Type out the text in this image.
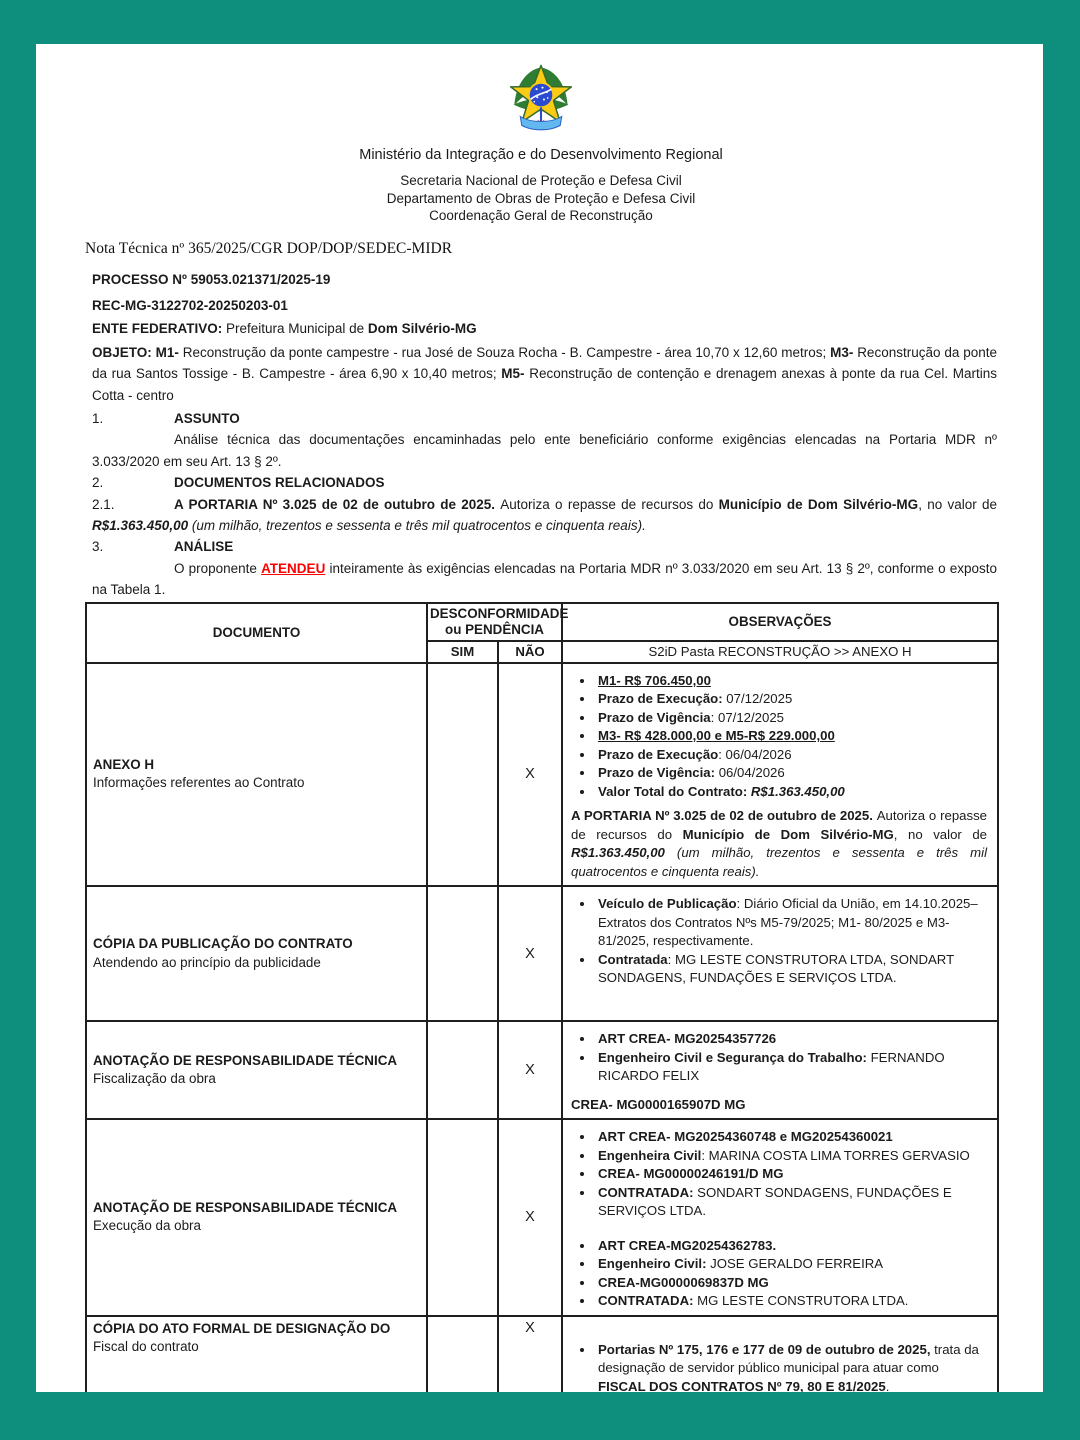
Ministério da Integração e do Desenvolvimento Regional
Secretaria Nacional de Proteção e Defesa Civil
Departamento de Obras de Proteção e Defesa Civil
Coordenação Geral de Reconstrução
Nota Técnica nº 365/2025/CGR DOP/DOP/SEDEC-MIDR

PROCESSO Nº 59053.021371/2025-19

REC-MG-3122702-20250203-01

ENTE FEDERATIVO: Prefeitura Municipal de Dom Silvério-MG

OBJETO: M1- Reconstrução da ponte campestre - rua José de Souza Rocha - B. Campestre - área 10,70 x 12,60 metros; M3- Reconstrução da ponte da rua Santos Tossige - B. Campestre - área 6,90 x 10,40 metros; M5- Reconstrução de contenção e drenagem anexas à ponte da rua Cel. Martins Cotta - centro

1.	ASSUNTO

Análise técnica das documentações encaminhadas pelo ente beneficiário conforme exigências elencadas na Portaria MDR nº 3.033/2020 em seu Art. 13 § 2º.

2.	DOCUMENTOS RELACIONADOS

2.1.	A PORTARIA Nº 3.025 de 02 de outubro de 2025. Autoriza o repasse de recursos do Município de Dom Silvério-MG, no valor de R$1.363.450,00 (um milhão, trezentos e sessenta e três mil quatrocentos e cinquenta reais).

3.	ANÁLISE

O proponente ATENDEU inteiramente às exigências elencadas na Portaria MDR nº 3.033/2020 em seu Art. 13 § 2º, conforme o exposto na Tabela 1.

DOCUMENTO	DESCONFORMIDADE ou PENDÊNCIA		OBSERVAÇÕES
	SIM	NÃO	S2iD Pasta RECONSTRUÇÃO >> ANEXO H

ANEXO H
Informações referentes ao Contrato
		X	
• M1- R$ 706.450,00
• Prazo de Execução: 07/12/2025
• Prazo de Vigência: 07/12/2025
• M3- R$ 428.000,00 e M5-R$ 229.000,00
• Prazo de Execução: 06/04/2026
• Prazo de Vigência: 06/04/2026
• Valor Total do Contrato: R$1.363.450,00

A PORTARIA Nº 3.025 de 02 de outubro de 2025. Autoriza o repasse de recursos do Município de Dom Silvério-MG, no valor de R$1.363.450,00 (um milhão, trezentos e sessenta e três mil quatrocentos e cinquenta reais).

CÓPIA DA PUBLICAÇÃO DO CONTRATO
Atendendo ao princípio da publicidade
		X	
• Veículo de Publicação: Diário Oficial da União, em 14.10.2025– Extratos dos Contratos Nºs M5-79/2025; M1- 80/2025 e M3- 81/2025, respectivamente.
• Contratada: MG LESTE CONSTRUTORA LTDA, SONDART SONDAGENS, FUNDAÇÕES E SERVIÇOS LTDA.

ANOTAÇÃO DE RESPONSABILIDADE TÉCNICA
Fiscalização da obra
		X	
• ART CREA- MG20254357726
• Engenheiro Civil e Segurança do Trabalho: FERNANDO RICARDO FELIX
CREA- MG0000165907D MG

ANOTAÇÃO DE RESPONSABILIDADE TÉCNICA
Execução da obra
		X	
• ART CREA- MG20254360748 e MG20254360021
• Engenheira Civil: MARINA COSTA LIMA TORRES GERVASIO
• CREA- MG00000246191/D MG
• CONTRATADA: SONDART SONDAGENS, FUNDAÇÕES E SERVIÇOS LTDA.
• ART CREA-MG20254362783.
• Engenheiro Civil: JOSE GERALDO FERREIRA
• CREA-MG0000069837D MG
• CONTRATADA: MG LESTE CONSTRUTORA LTDA.

CÓPIA DO ATO FORMAL DE DESIGNAÇÃO DO
Fiscal do contrato
		X	
• Portarias Nº 175, 176 e 177 de 09 de outubro de 2025, trata da designação de servidor público municipal para atuar como FISCAL DOS CONTRATOS Nº 79, 80 E 81/2025.
